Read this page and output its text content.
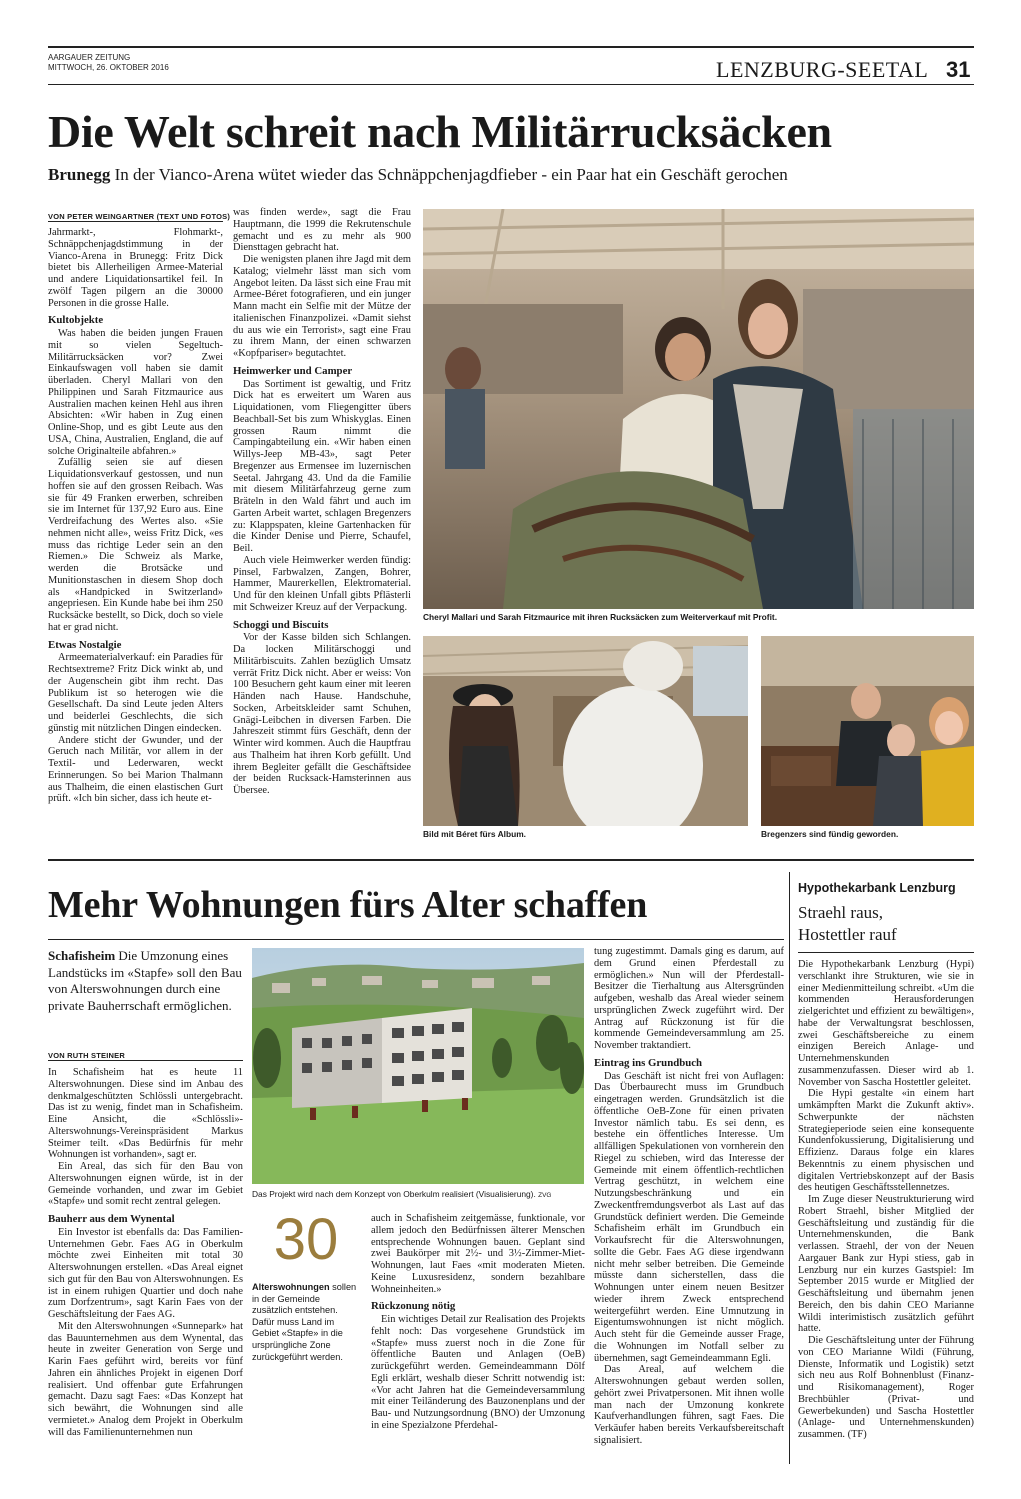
AARGAUER ZEITUNG
MITTWOCH, 26. OKTOBER 2016	LENZBURG-SEETAL 31
Die Welt schreit nach Militärrucksäcken
Brunegg In der Vianco-Arena wütet wieder das Schnäppchenjagdfieber - ein Paar hat ein Geschäft gerochen
VON PETER WEINGARTNER (TEXT UND FOTOS)

Jahrmarkt-, Flohmarkt-, Schnäppchenjagdstimmung in der Vianco-Arena in Brunegg: Fritz Dick bietet bis Allerheiligen Armee-Material und andere Liquidationsartikel feil. In zwölf Tagen pilgern an die 30000 Personen in die grosse Halle.

Kultobjekte

Was haben die beiden jungen Frauen mit so vielen Segeltuch-Militärrucksäcken vor? Zwei Einkaufswagen voll haben sie damit überladen. Cheryl Mallari von den Philippinen und Sarah Fitzmaurice aus Australien machen keinen Hehl aus ihren Absichten: «Wir haben in Zug einen Online-Shop, und es gibt Leute aus den USA, China, Australien, England, die auf solche Originalteile abfahren.»

Zufällig seien sie auf diesen Liquidationsverkauf gestossen, und nun hoffen sie auf den grossen Reibach. Was sie für 49 Franken erwerben, schreiben sie im Internet für 137,92 Euro aus. Eine Verdreifachung des Wertes also. «Sie nehmen nicht alle», weiss Fritz Dick, «es muss das richtige Leder sein an den Riemen.» Die Schweiz als Marke, werden die Brotsäcke und Munitionstaschen in diesem Shop doch als «Handpicked in Switzerland» angepriesen. Ein Kunde habe bei ihm 250 Rucksäcke bestellt, so Dick, doch so viele hat er grad nicht.

Etwas Nostalgie

Armeematerialverkauf: ein Paradies für Rechtsextreme? Fritz Dick winkt ab, und der Augenschein gibt ihm recht. Das Publikum ist so heterogen wie die Gesellschaft. Da sind Leute jeden Alters und beiderlei Geschlechts, die sich günstig mit nützlichen Dingen eindecken.

Andere sticht der Gwunder, und der Geruch nach Militär, vor allem in der Textil- und Lederwaren, weckt Erinnerungen. So bei Marion Thalmann aus Thalheim, die einen elastischen Gurt prüft. «Ich bin sicher, dass ich heute et-

was finden werde», sagt die Frau Hauptmann, die 1999 die Rekrutenschule gemacht und es zu mehr als 900 Diensttagen gebracht hat.

Die wenigsten planen ihre Jagd mit dem Katalog; vielmehr lässt man sich vom Angebot leiten. Da lässt sich eine Frau mit Armee-Béret fotografieren, und ein junger Mann macht ein Selfie mit der Mütze der italienischen Finanzpolizei. «Damit siehst du aus wie ein Terrorist», sagt eine Frau zu ihrem Mann, der einen schwarzen «Kopfpariser» begutachtet.

Heimwerker und Camper

Das Sortiment ist gewaltig, und Fritz Dick hat es erweitert um Waren aus Liquidationen, vom Fliegengitter übers Beachball-Set bis zum Whiskyglas. Einen grossen Raum nimmt die Campingabteilung ein. «Wir haben einen Willys-Jeep MB-43», sagt Peter Bregenzer aus Ermensee im luzernischen Seetal. Jahrgang 43. Und da die Familie mit diesem Militärfahrzeug gerne zum Bräteln in den Wald fährt und auch im Garten Arbeit wartet, schlagen Bregenzers zu: Klappspaten, kleine Gartenhacken für die Kinder Denise und Pierre, Schaufel, Beil.

Auch viele Heimwerker werden fündig: Pinsel, Farbwalzen, Zangen, Bohrer, Hammer, Maurerkellen, Elektromaterial. Und für den kleinen Unfall gibts Pflästerli mit Schweizer Kreuz auf der Verpackung.

Schoggi und Biscuits

Vor der Kasse bilden sich Schlangen. Da locken Militärschoggi und Militärbiscuits. Zahlen bezüglich Umsatz verrät Fritz Dick nicht. Aber er weiss: Von 100 Besuchern geht kaum einer mit leeren Händen nach Hause. Handschuhe, Socken, Arbeitskleider samt Schuhen, Gnägi-Leibchen in diversen Farben. Die Jahreszeit stimmt fürs Geschäft, denn der Winter wird kommen. Auch die Hauptfrau aus Thalheim hat ihren Korb gefüllt. Und ihrem Begleiter gefällt die Geschäftsidee der beiden Rucksack-Hamsterinnen aus Übersee.

Cheryl Mallari und Sarah Fitzmaurice mit ihren Rucksäcken zum Weiterverkauf mit Profit.
Bild mit Béret fürs Album.	Bregenzers sind fündig geworden.
Mehr Wohnungen fürs Alter schaffen
Schafisheim Die Umzonung eines Landstücks im «Stapfe» soll den Bau von Alterswohnungen durch eine private Bauherrschaft ermöglichen.
VON RUTH STEINER

In Schafisheim hat es heute 11 Alterswohnungen. Diese sind im Anbau des denkmalgeschützten Schlössli untergebracht. Das ist zu wenig, findet man in Schafisheim. Eine Ansicht, die «Schlössli»-Alterswohnungs-Vereinspräsident Markus Steimer teilt. «Das Bedürfnis für mehr Wohnungen ist vorhanden», sagt er.

Ein Areal, das sich für den Bau von Alterswohnungen eignen würde, ist in der Gemeinde vorhanden, und zwar im Gebiet «Stapfe» und somit recht zentral gelegen.

Bauherr aus dem Wynental

Ein Investor ist ebenfalls da: Das Familien-Unternehmen Gebr. Faes AG in Oberkulm möchte zwei Einheiten mit total 30 Alterswohnungen erstellen. «Das Areal eignet sich gut für den Bau von Alterswohnungen. Es ist in einem ruhigen Quartier und doch nahe zum Dorfzentrum», sagt Karin Faes von der Geschäftsleitung der Faes AG.

Mit den Alterswohnungen «Sunnepark» hat das Bauunternehmen aus dem Wynental, das heute in zweiter Generation von Serge und Karin Faes geführt wird, bereits vor fünf Jahren ein ähnliches Projekt in eigenen Dorf realisiert. Und offenbar gute Erfahrungen gemacht. Dazu sagt Faes: «Das Konzept hat sich bewährt, die Wohnungen sind alle vermietet.» Analog dem Projekt in Oberkulm will das Familienunternehmen nun

Das Projekt wird nach dem Konzept von Oberkulm realisiert (Visualisierung). ZVG
30
Alterswohnungen sollen in der Gemeinde zusätzlich entstehen. Dafür muss Land im Gebiet «Stapfe» in die ursprüngliche Zone zurückgeführt werden.

auch in Schafisheim zeitgemässe, funktionale, vor allem jedoch den Bedürfnissen älterer Menschen entsprechende Wohnungen bauen. Geplant sind zwei Baukörper mit 2½- und 3½-Zimmer-Miet-Wohnungen, laut Faes «mit moderaten Mieten. Keine Luxusresidenz, sondern bezahlbare Wohneinheiten.»

Rückzonung nötig

Ein wichtiges Detail zur Realisation des Projekts fehlt noch: Das vorgesehene Grundstück im «Stapfe» muss zuerst noch in die Zone für öffentliche Bauten und Anlagen (OeB) zurückgeführt werden. Gemeindeammann Dölf Egli erklärt, weshalb dieser Schritt notwendig ist: «Vor acht Jahren hat die Gemeindeversammlung mit einer Teiländerung des Bauzonenplans und der Bau- und Nutzungsordnung (BNO) der Umzonung in eine Spezialzone Pferdehal-

tung zugestimmt. Damals ging es darum, auf dem Grund einen Pferdestall zu ermöglichen.» Nun will der Pferdestall-Besitzer die Tierhaltung aus Altersgründen aufgeben, weshalb das Areal wieder seinem ursprünglichen Zweck zugeführt wird. Der Antrag auf Rückzonung ist für die kommende Gemeindeversammlung am 25. November traktandiert.

Eintrag ins Grundbuch

Das Geschäft ist nicht frei von Auflagen: Das Überbaurecht muss im Grundbuch eingetragen werden. Grundsätzlich ist die öffentliche OeB-Zone für einen privaten Investor nämlich tabu. Es sei denn, es bestehe ein öffentliches Interesse. Um allfälligen Spekulationen von vornherein den Riegel zu schieben, wird das Interesse der Gemeinde mit einem öffentlich-rechtlichen Vertrag geschützt, in welchem eine Nutzungsbeschränkung und ein Zweckentfremdungsverbot als Last auf das Grundstück definiert werden. Die Gemeinde Schafisheim erhält im Grundbuch ein Vorkaufsrecht für die Alterswohnungen, sollte die Gebr. Faes AG diese irgendwann nicht mehr selber betreiben. Die Gemeinde müsste dann sicherstellen, dass die Wohnungen unter einem neuen Besitzer wieder ihrem Zweck entsprechend weitergeführt werden. Eine Umnutzung in Eigentumswohnungen ist nicht möglich. Auch steht für die Gemeinde ausser Frage, die Wohnungen im Notfall selber zu übernehmen, sagt Gemeindeammann Egli.

Das Areal, auf welchem die Alterswohnungen gebaut werden sollen, gehört zwei Privatpersonen. Mit ihnen wolle man nach der Umzonung konkrete Kaufverhandlungen führen, sagt Faes. Die Verkäufer haben bereits Verkaufsbereitschaft signalisiert.

Hypothekarbank Lenzburg
Straehl raus,
Hostettler rauf

Die Hypothekarbank Lenzburg (Hypi) verschlankt ihre Strukturen, wie sie in einer Medienmitteilung schreibt. «Um die kommenden Herausforderungen zielgerichtet und effizient zu bewältigen», habe der Verwaltungsrat beschlossen, zwei Geschäftsbereiche zu einem einzigen Bereich Anlage- und Unternehmenskunden zusammenzufassen. Dieser wird ab 1. November von Sascha Hostettler geleitet.

Die Hypi gestalte «in einem hart umkämpften Markt die Zukunft aktiv». Schwerpunkte der nächsten Strategieperiode seien eine konsequente Kundenfokussierung, Digitalisierung und Effizienz. Daraus folge ein klares Bekenntnis zu einem physischen und digitalen Vertriebskonzept auf der Basis des heutigen Geschäftsstellennetzes.

Im Zuge dieser Neustrukturierung wird Robert Straehl, bisher Mitglied der Geschäftsleitung und zuständig für die Unternehmenskunden, die Bank verlassen. Straehl, der von der Neuen Aargauer Bank zur Hypi stiess, gab in Lenzburg nur ein kurzes Gastspiel: Im September 2015 wurde er Mitglied der Geschäftsleitung und übernahm jenen Bereich, den bis dahin CEO Marianne Wildi interimistisch zusätzlich geführt hatte.

Die Geschäftsleitung unter der Führung von CEO Marianne Wildi (Führung, Dienste, Informatik und Logistik) setzt sich neu aus Rolf Bohnenblust (Finanz- und Risikomanagement), Roger Brechbühler (Privat- und Gewerbekunden) und Sascha Hostettler (Anlage- und Unternehmenskunden) zusammen. (TF)
